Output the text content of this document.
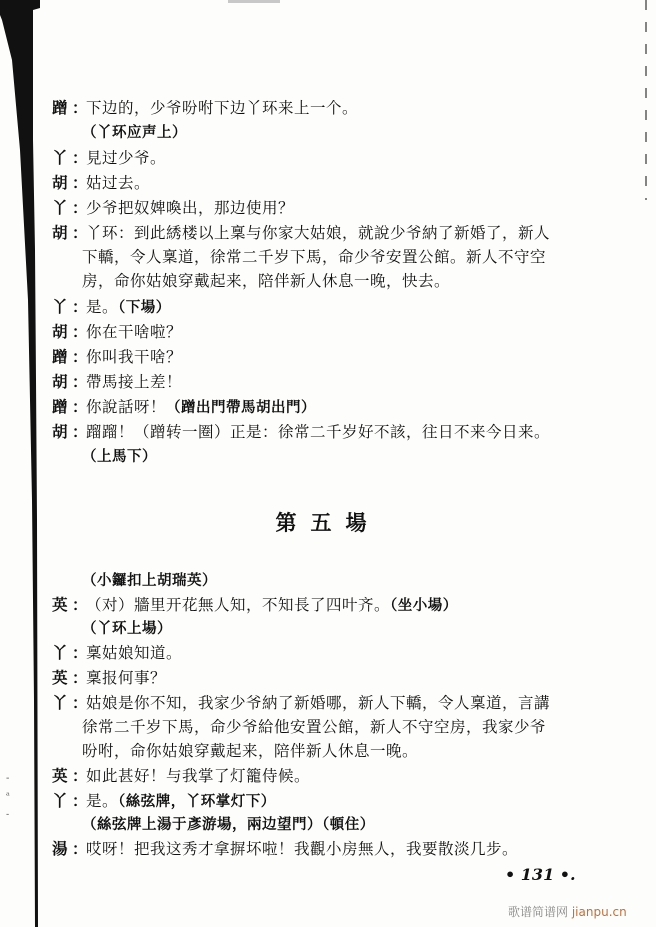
-
ᵃ
˗
蹭 ：下边的，少爷吩咐下边丫环来上一个。
（丫环应声上）
丫 ：見过少爷。
胡 ：姑过去。
丫 ：少爷把奴婢喚出，那边使用？
胡 ：丫环：到此綉楼以上稟与你家大姑娘，就說少爷納了新婚了，新人
下轎，令人稟道，徐常二千岁下馬，命少爷安置公館。新人不守空
房，命你姑娘穿戴起来，陪伴新人休息一晚，快去。
丫 ：是。（下場）
胡 ：你在干啥啦？
蹭 ：你叫我干啥？
胡 ：帶馬接上差！
蹭 ：你說話呀！（蹭出門帶馬胡出門）
胡 ：蹓蹓！（蹭转一圈）正是：徐常二千岁好不該，往日不来今日来。
（上馬下）
第五場
（小鑼扣上胡瑞英）
英 ：（对）牆里开花無人知，不知長了四叶齐。（坐小場）
（丫环上場）
丫 ：稟姑娘知道。
英 ：稟报何事？
丫 ：姑娘是你不知，我家少爷納了新婚哪，新人下轎，令人稟道，言講
徐常二千岁下馬，命少爷給他安置公館，新人不守空房，我家少爷
吩咐，命你姑娘穿戴起来，陪伴新人休息一晚。
英 ：如此甚好！与我掌了灯籠侍候。
丫 ：是。（絲弦牌，丫环掌灯下）
（絲弦牌上湯于彥游場，兩边望門）（頓住）
湯 ：哎呀！把我这秀才拿摒坏啦！我觀小房無人，我要散淡几步。
• 131 •.
歌谱简谱网 jianpu.cn
